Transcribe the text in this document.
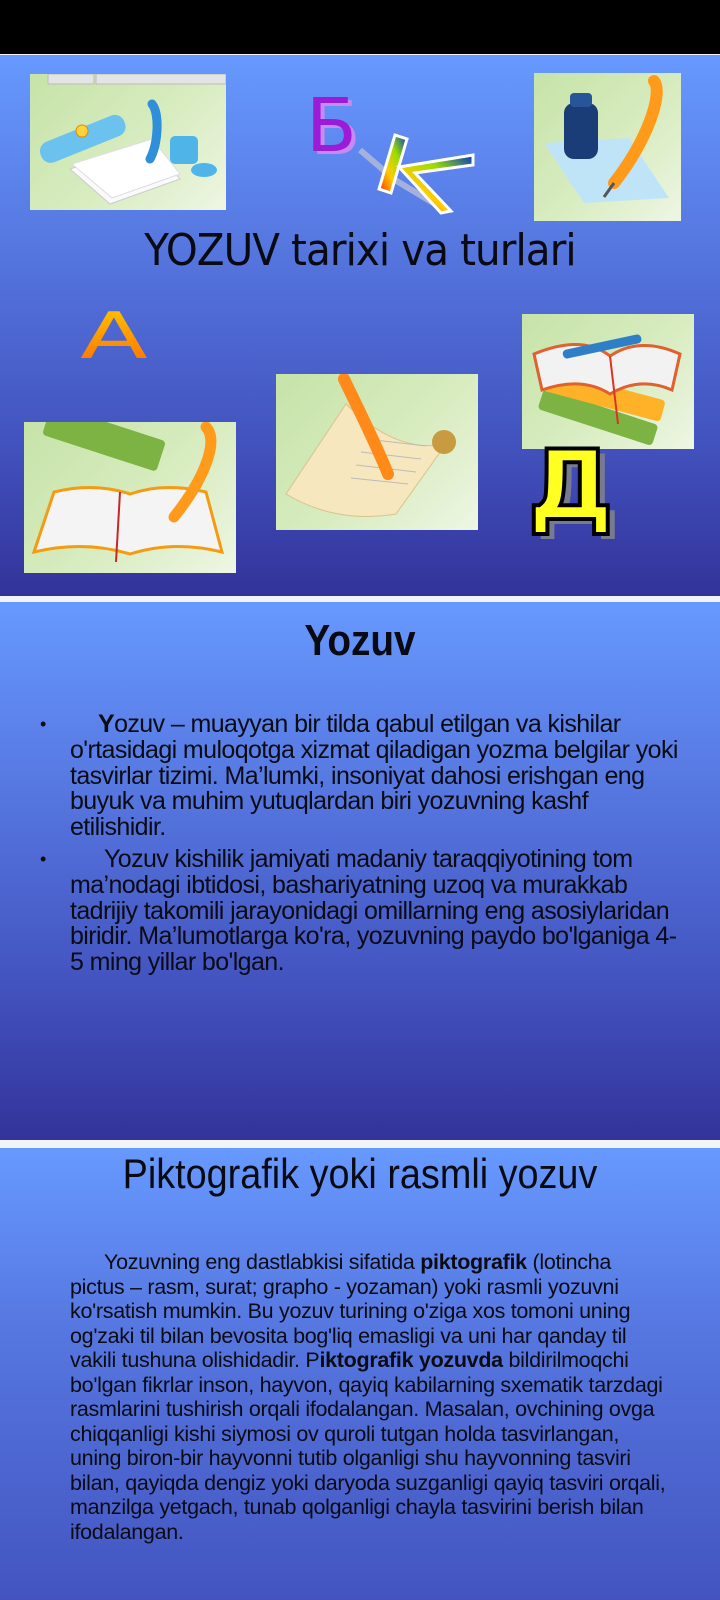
Б
YOZUV tarixi va turlari
А
Д
Yozuv
• Yozuv – muayyan bir tilda qabul etilgan va kishilar o'rtasidagi muloqotga xizmat qiladigan yozma belgilar yoki tasvirlar tizimi. Ma’lumki, insoniyat dahosi erishgan eng buyuk va muhim yutuqlardan biri yozuvning kashf etilishidir.
• Yozuv kishilik jamiyati madaniy taraqqiyotining tom ma’nodagi ibtidosi, bashariyatning uzoq va murakkab tadrijiy takomili jarayonidagi omillarning eng asosiylaridan biridir. Ma’lumotlarga ko'ra, yozuvning paydo bo'lganiga 4-5 ming yillar bo'lgan.
Piktografik yoki rasmli yozuv

Yozuvning eng dastlabkisi sifatida piktografik (lotincha pictus – rasm, surat; grapho - yozaman) yoki rasmli yozuvni ko'rsatish mumkin. Bu yozuv turining o'ziga xos tomoni uning og'zaki til bilan bevosita bog'liq emasligi va uni har qanday til vakili tushuna olishidadir. Piktografik yozuvda bildirilmoqchi bo'lgan fikrlar inson, hayvon, qayiq kabilarning sxematik tarzdagi rasmlarini tushirish orqali ifodalangan. Masalan, ovchining ovga chiqqanligi kishi siymosi ov quroli tutgan holda tasvirlangan, uning biron-bir hayvonni tutib olganligi shu hayvonning tasviri bilan, qayiqda dengiz yoki daryoda suzganligi qayiq tasviri orqali, manzilga yetgach, tunab qolganligi chayla tasvirini berish bilan ifodalangan.
